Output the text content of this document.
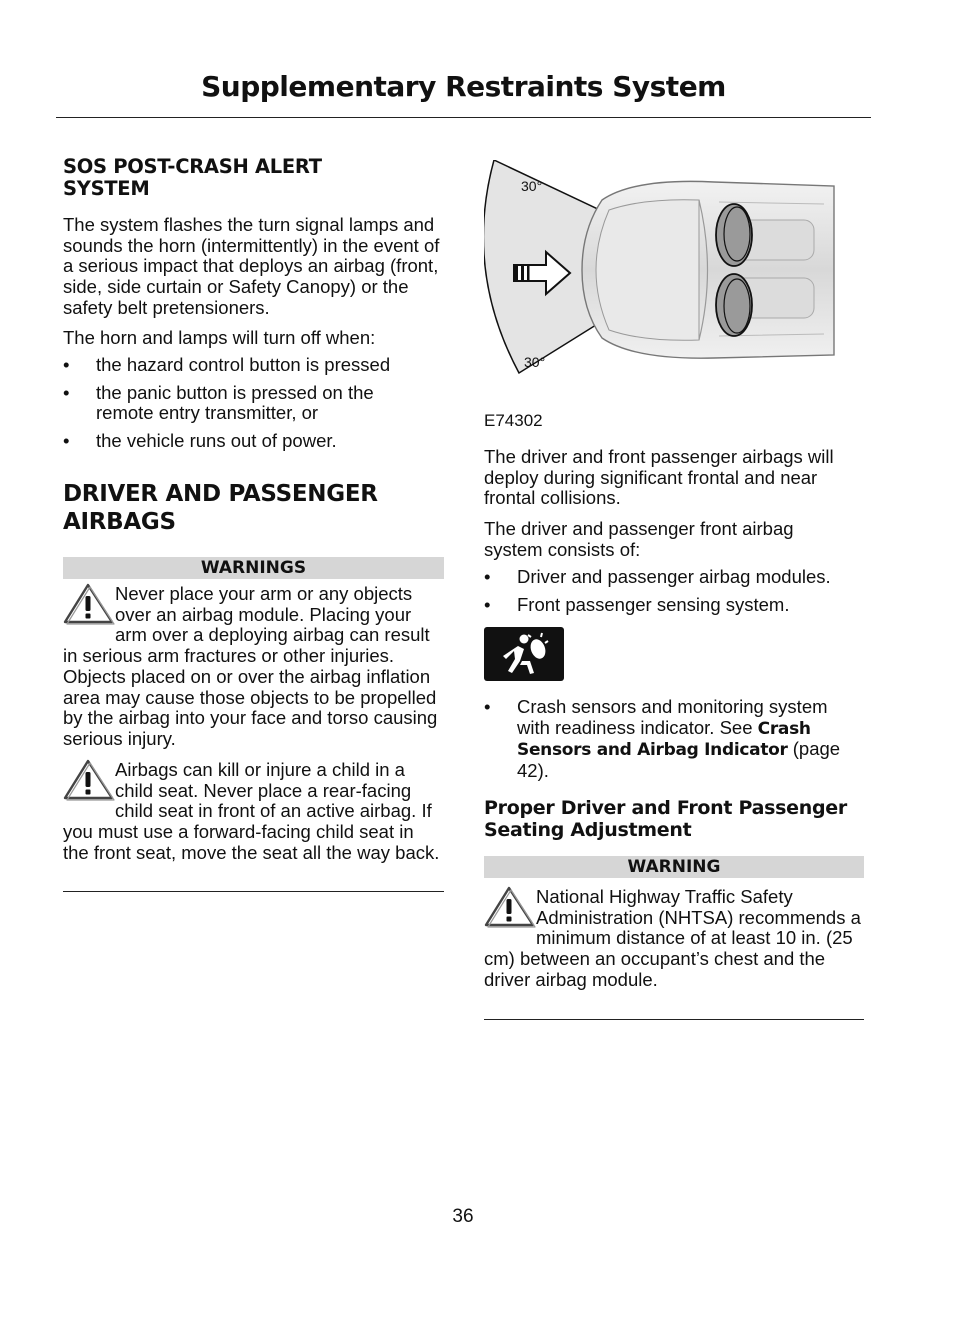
Supplementary Restraints System
SOS POST-CRASH ALERT SYSTEM

The system flashes the turn signal lamps and sounds the horn (intermittently) in the event of a serious impact that deploys an airbag (front, side, side curtain or Safety Canopy) or the safety belt pretensioners.

The horn and lamps will turn off when:

• the hazard control button is pressed

• the panic button is pressed on the remote entry transmitter, or

• the vehicle runs out of power.

DRIVER AND PASSENGER AIRBAGS
WARNINGS

Never place your arm or any objects over an airbag module. Placing your arm over a deploying airbag can result in serious arm fractures or other injuries. Objects placed on or over the airbag inflation area may cause those objects to be propelled by the airbag into your face and torso causing serious injury.

Airbags can kill or injure a child in a child seat. Never place a rear-facing child seat in front of an active airbag. If you must use a forward-facing child seat in the front seat, move the seat all the way back.

30°
30°
E74302

The driver and front passenger airbags will deploy during significant frontal and near frontal collisions.

The driver and passenger front airbag system consists of:

• Driver and passenger airbag modules.

• Front passenger sensing system.

• Crash sensors and monitoring system with readiness indicator. See Crash Sensors and Airbag Indicator (page 42).

Proper Driver and Front Passenger Seating Adjustment
WARNING

National Highway Traffic Safety Administration (NHTSA) recommends a minimum distance of at least 10 in. (25 cm) between an occupant’s chest and the driver airbag module.

36
